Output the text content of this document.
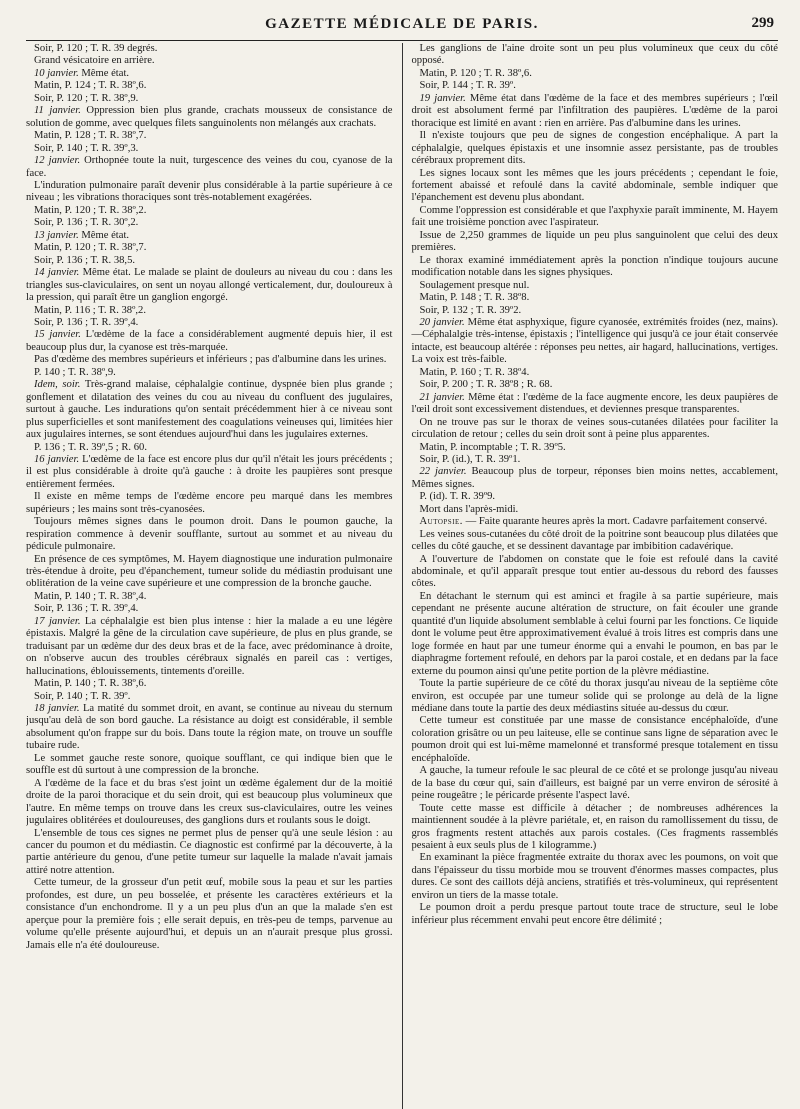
GAZETTE MÉDICALE DE PARIS.	299

Soir, P. 120 ; T. R. 39 degrés.

Grand vésicatoire en arrière.

10 janvier. Même état.

Matin, P. 124 ; T. R. 38º,6.

Soir, P. 120 ; T. R. 38º,9.

11 janvier. Oppression bien plus grande, crachats mousseux de consistance de solution de gomme, avec quelques filets sanguinolents non mélangés aux crachats.

Matin, P. 128 ; T. R. 38º,7.

Soir, P. 140 ; T. R. 39º,3.

12 janvier. Orthopnée toute la nuit, turgescence des veines du cou, cyanose de la face.

L'induration pulmonaire paraît devenir plus considérable à la partie supérieure à ce niveau ; les vibrations thoraciques sont très-notablement exagérées.

Matin, P. 120 ; T. R. 38º,2.

Soir, P. 136 ; T. R. 30º,2.

13 janvier. Même état.

Matin, P. 120 ; T. R. 38º,7.

Soir, P. 136 ; T. R. 38,5.

14 janvier. Même état. Le malade se plaint de douleurs au niveau du cou : dans les triangles sus-claviculaires, on sent un noyau allongé verticalement, dur, douloureux à la pression, qui paraît être un ganglion engorgé.

Matin, P. 116 ; T. R. 38º,2.

Soir, P. 136 ; T. R. 39º,4.

15 janvier. L'œdème de la face a considérablement augmenté depuis hier, il est beaucoup plus dur, la cyanose est très-marquée.

Pas d'œdème des membres supérieurs et inférieurs ; pas d'albumine dans les urines.

P. 140 ; T. R. 38º,9.

Idem, soir. Très-grand malaise, céphalalgie continue, dyspnée bien plus grande ; gonflement et dilatation des veines du cou au niveau du confluent des jugulaires, surtout à gauche. Les indurations qu'on sentait précédemment hier à ce niveau sont plus superficielles et sont manifestement des coagulations veineuses qui, limitées hier aux jugulaires internes, se sont étendues aujourd'hui dans les jugulaires externes.

P. 136 ; T. R. 39º,5 ; R. 60.

16 janvier. L'œdème de la face est encore plus dur qu'il n'était les jours précédents ; il est plus considérable à droite qu'à gauche : à droite les paupières sont presque entièrement fermées.

Il existe en même temps de l'œdème encore peu marqué dans les membres supérieurs ; les mains sont très-cyanosées.

Toujours mêmes signes dans le poumon droit. Dans le poumon gauche, la respiration commence à devenir soufflante, surtout au sommet et au niveau du pédicule pulmonaire.

En présence de ces symptômes, M. Hayem diagnostique une induration pulmonaire très-étendue à droite, peu d'épanchement, tumeur solide du médiastin produisant une oblitération de la veine cave supérieure et une compression de la bronche gauche.

Matin, P. 140 ; T. R. 38º,4.

Soir, P. 136 ; T. R. 39º,4.

17 janvier. La céphalalgie est bien plus intense : hier la malade a eu une légère épistaxis. Malgré la gêne de la circulation cave supérieure, de plus en plus grande, se traduisant par un œdème dur des deux bras et de la face, avec prédominance à droite, on n'observe aucun des troubles cérébraux signalés en pareil cas : vertiges, hallucinations, éblouissements, tintements d'oreille.

Matin, P. 140 ; T. R. 38º,6.

Soir, P. 140 ; T. R. 39º.

18 janvier. La matité du sommet droit, en avant, se continue au niveau du sternum jusqu'au delà de son bord gauche. La résistance au doigt est considérable, il semble absolument qu'on frappe sur du bois. Dans toute la région mate, on trouve un souffle tubaire rude.

Le sommet gauche reste sonore, quoique soufflant, ce qui indique bien que le souffle est dû surtout à une compression de la bronche.

A l'œdème de la face et du bras s'est joint un œdème également dur de la moitié droite de la paroi thoracique et du sein droit, qui est beaucoup plus volumineux que l'autre. En même temps on trouve dans les creux sus-claviculaires, outre les veines jugulaires oblitérées et douloureuses, des ganglions durs et roulants sous le doigt.

L'ensemble de tous ces signes ne permet plus de penser qu'à une seule lésion : au cancer du poumon et du médiastin. Ce diagnostic est confirmé par la découverte, à la partie antérieure du genou, d'une petite tumeur sur laquelle la malade n'avait jamais attiré notre attention.

Cette tumeur, de la grosseur d'un petit œuf, mobile sous la peau et sur les parties profondes, est dure, un peu bosselée, et présente les caractères extérieurs et la consistance d'un enchondrome. Il y a un peu plus d'un an que la malade s'en est aperçue pour la première fois ; elle serait depuis, en très-peu de temps, parvenue au volume qu'elle présente aujourd'hui, et depuis un an n'aurait presque plus grossi. Jamais elle n'a été douloureuse.

Les ganglions de l'aine droite sont un peu plus volumineux que ceux du côté opposé.

Matin, P. 120 ; T. R. 38º,6.

Soir, P. 144 ; T. R. 39º.

19 janvier. Même état dans l'œdème de la face et des membres supérieurs ; l'œil droit est absolument fermé par l'infiltration des paupières. L'œdème de la paroi thoracique est limité en avant : rien en arrière. Pas d'albumine dans les urines.

Il n'existe toujours que peu de signes de congestion encéphalique. A part la céphalalgie, quelques épistaxis et une insomnie assez persistante, pas de troubles cérébraux proprement dits.

Les signes locaux sont les mêmes que les jours précédents ; cependant le foie, fortement abaissé et refoulé dans la cavité abdominale, semble indiquer que l'épanchement est devenu plus abondant.

Comme l'oppression est considérable et que l'axphyxie paraît imminente, M. Hayem fait une troisième ponction avec l'aspirateur.

Issue de 2,250 grammes de liquide un peu plus sanguinolent que celui des deux premières.

Le thorax examiné immédiatement après la ponction n'indique toujours aucune modification notable dans les signes physiques.

Soulagement presque nul.

Matin, P. 148 ; T. R. 38º8.

Soir, P. 132 ; T. R. 39º2.

20 janvier. Même état asphyxique, figure cyanosée, extrémités froides (nez, mains). —Céphalalgie très-intense, épistaxis ; l'intelligence qui jusqu'à ce jour était conservée intacte, est beaucoup altérée : réponses peu nettes, air hagard, hallucinations, vertiges. La voix est très-faible.

Matin, P. 160 ; T. R. 38º4.

Soir, P. 200 ; T. R. 38º8 ; R. 68.

21 janvier. Même état : l'œdème de la face augmente encore, les deux paupières de l'œil droit sont excessivement distendues, et deviennes presque transparentes.

On ne trouve pas sur le thorax de veines sous-cutanées dilatées pour faciliter la circulation de retour ; celles du sein droit sont à peine plus apparentes.

Matin, P. incomptable ; T. R. 39º5.

Soir, P. (id.), T. R. 39º1.

22 janvier. Beaucoup plus de torpeur, réponses bien moins nettes, accablement, Mêmes signes.

P. (id). T. R. 39º9.

Mort dans l'après-midi.

Autopsie. — Faite quarante heures après la mort. Cadavre parfaitement conservé.

Les veines sous-cutanées du côté droit de la poitrine sont beaucoup plus dilatées que celles du côté gauche, et se dessinent davantage par imbibition cadavérique.

A l'ouverture de l'abdomen on constate que le foie est refoulé dans la cavité abdominale, et qu'il apparaît presque tout entier au-dessous du rebord des fausses côtes.

En détachant le sternum qui est aminci et fragile à sa partie supérieure, mais cependant ne présente aucune altération de structure, on fait écouler une grande quantité d'un liquide absolument semblable à celui fourni par les fonctions. Ce liquide dont le volume peut être approximativement évalué à trois litres est compris dans une loge formée en haut par une tumeur énorme qui a envahi le poumon, en bas par le diaphragme fortement refoulé, en dehors par la paroi costale, et en dedans par la face externe du poumon ainsi qu'une petite portion de la plèvre médiastine.

Toute la partie supérieure de ce côté du thorax jusqu'au niveau de la septième côte environ, est occupée par une tumeur solide qui se prolonge au delà de la ligne médiane dans toute la partie des deux médiastins située au-dessus du cœur.

Cette tumeur est constituée par une masse de consistance encéphaloïde, d'une coloration grisâtre ou un peu laiteuse, elle se continue sans ligne de séparation avec le poumon droit qui est lui-même mamelonné et transformé presque totalement en tissu encéphaloïde.

A gauche, la tumeur refoule le sac pleural de ce côté et se prolonge jusqu'au niveau de la base du cœur qui, sain d'ailleurs, est baigné par un verre environ de sérosité à peine rougeâtre ; le péricarde présente l'aspect lavé.

Toute cette masse est difficile à détacher ; de nombreuses adhérences la maintiennent soudée à la plèvre pariétale, et, en raison du ramollissement du tissu, de gros fragments restent attachés aux parois costales. (Ces fragments rassemblés pesaient à eux seuls plus de 1 kilogramme.)

En examinant la pièce fragmentée extraite du thorax avec les poumons, on voit que dans l'épaisseur du tissu morbide mou se trouvent d'énormes masses compactes, plus dures. Ce sont des caillots déjà anciens, stratifiés et très-volumineux, qui représentent environ un tiers de la masse totale.

Le poumon droit a perdu presque partout toute trace de structure, seul le lobe inférieur plus récemment envahi peut encore être délimité ;
